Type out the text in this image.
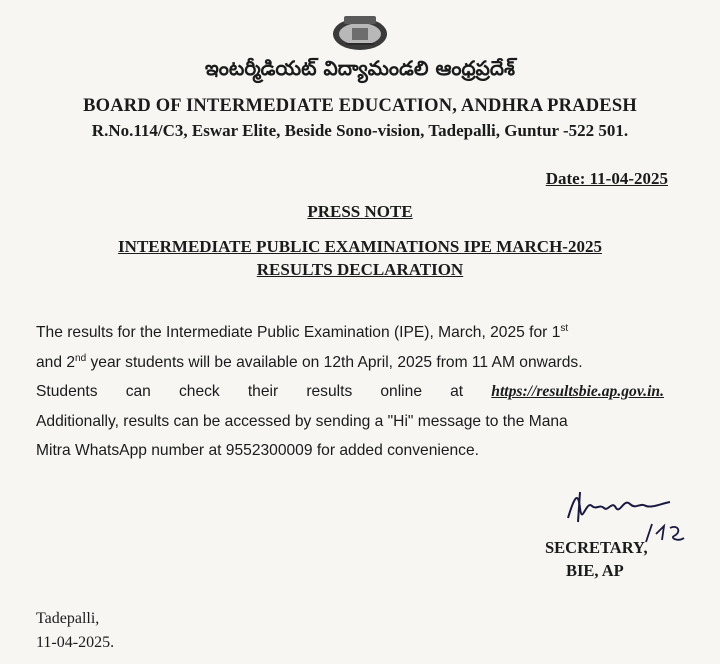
ఇంటర్మీడియట్ విద్యామండలి ఆంధ్రప్రదేశ్
BOARD OF INTERMEDIATE EDUCATION, ANDHRA PRADESH
R.No.114/C3, Eswar Elite, Beside Sono-vision, Tadepalli, Guntur -522 501.
Date: 11-04-2025
PRESS NOTE
INTERMEDIATE PUBLIC EXAMINATIONS IPE MARCH-2025
RESULTS DECLARATION
The results for the Intermediate Public Examination (IPE), March, 2025 for 1st
and 2nd year students will be available on 12th April, 2025 from 11 AM onwards.
Students can check their results online at https://resultsbie.ap.gov.in.
Additionally, results can be accessed by sending a "Hi" message to the Mana
Mitra WhatsApp number at 9552300009 for added convenience.
SECRETARY,
BIE, AP
Tadepalli,
11-04-2025.
